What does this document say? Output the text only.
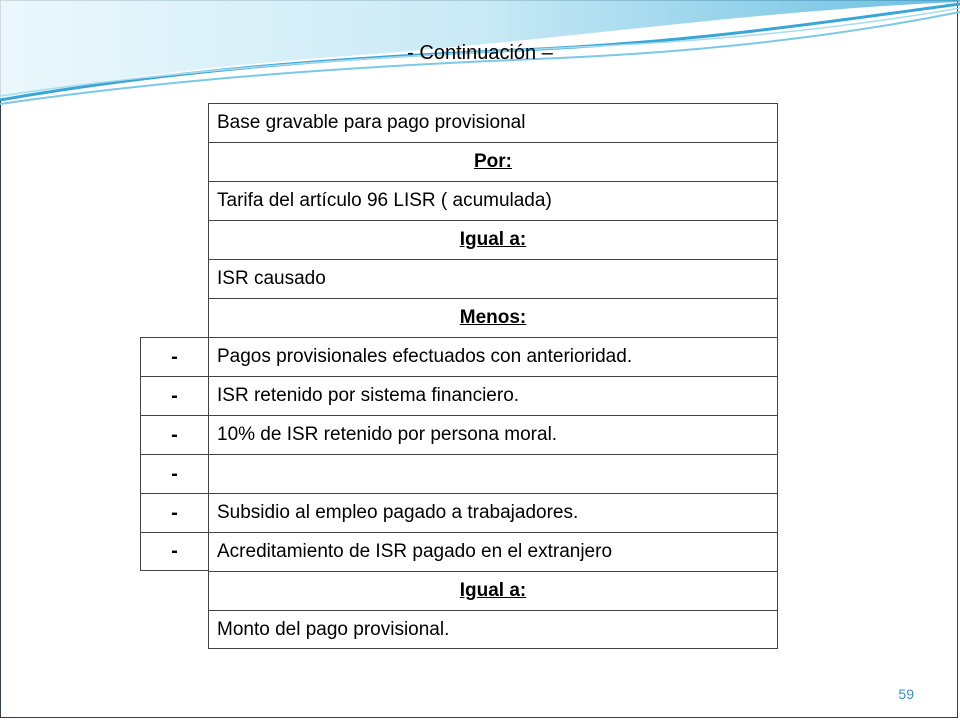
- Continuación –
Base gravable para pago provisional
Por:
Tarifa del artículo 96 LISR ( acumulada)
Igual a:
ISR causado
Menos:
-	Pagos provisionales efectuados con anterioridad.
-	ISR retenido por sistema financiero.
-	10% de ISR retenido por persona moral.
-
-	Subsidio al empleo pagado a trabajadores.
-	Acreditamiento de ISR pagado en el extranjero
Igual a:
Monto del pago provisional.
59
